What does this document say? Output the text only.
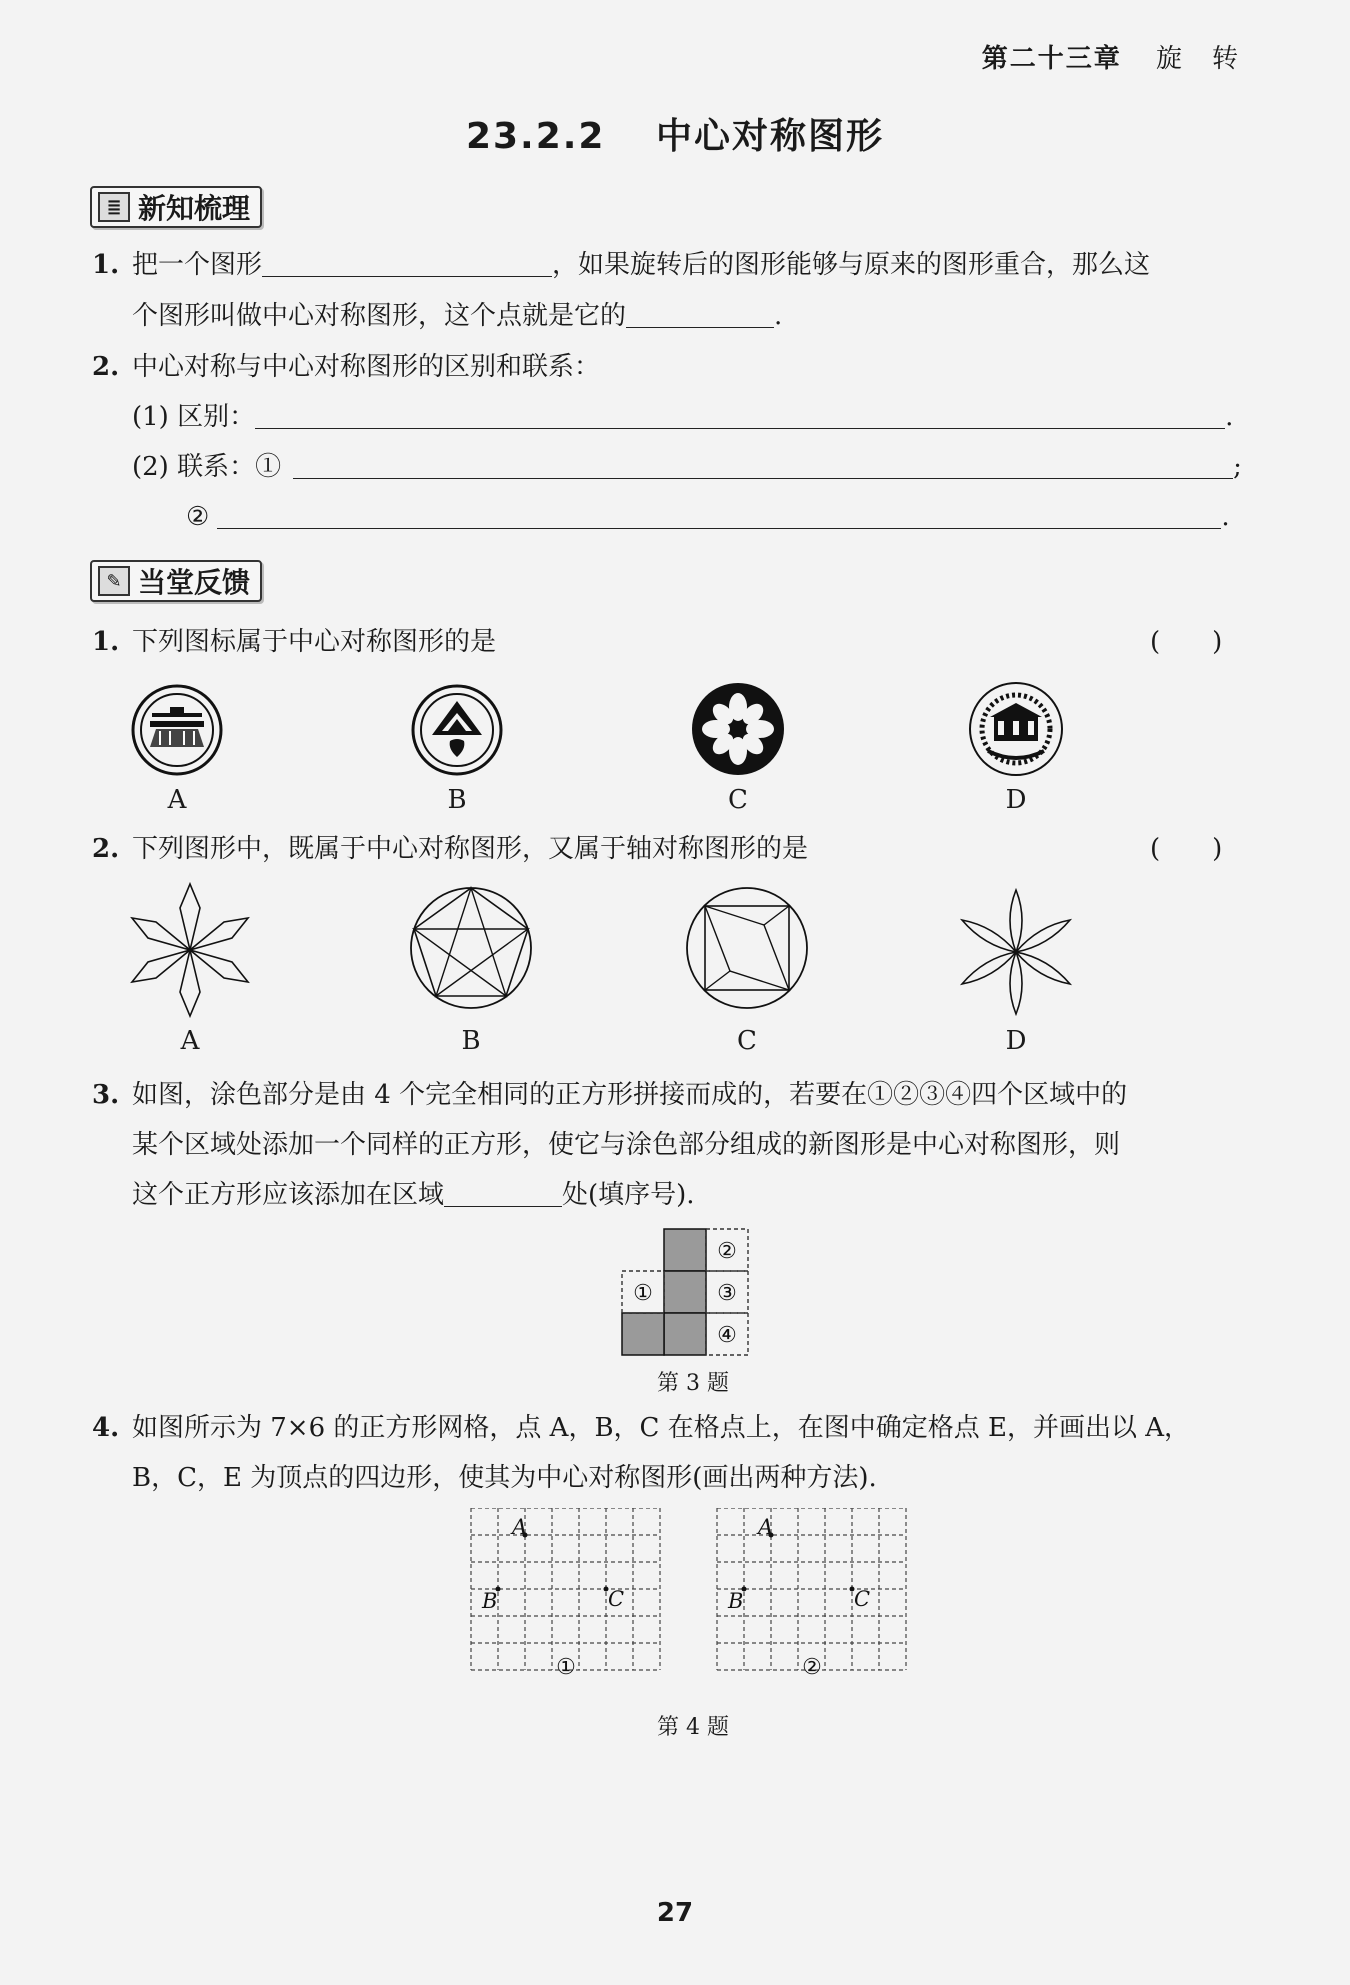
第二十三章 旋　转
23.2.2 中心对称图形
≣ 新知梳理
1. 把一个图形	，如果旋转后的图形能够与原来的图形重合，那么这
个图形叫做中心对称图形，这个点就是它的	.
2. 中心对称与中心对称图形的区别和联系：
(1) 区别：	.
(2) 联系：①	;
②	.
✎ 当堂反馈
1. 下列图标属于中心对称图形的是	(　　)
A	B	C	D
2. 下列图形中，既属于中心对称图形，又属于轴对称图形的是	(　　)
A	B	C	D
3. 如图，涂色部分是由 4 个完全相同的正方形拼接而成的，若要在①②③④四个区域中的
某个区域处添加一个同样的正方形，使它与涂色部分组成的新图形是中心对称图形，则
这个正方形应该添加在区域	处(填序号).
②
①	③
④
第 3 题
4. 如图所示为 7×6 的正方形网格，点 A，B，C 在格点上，在图中确定格点 E，并画出以 A，
B，C，E 为顶点的四边形，使其为中心对称图形(画出两种方法).
A
B	C
①
A
B	C
②
第 4 题
27
